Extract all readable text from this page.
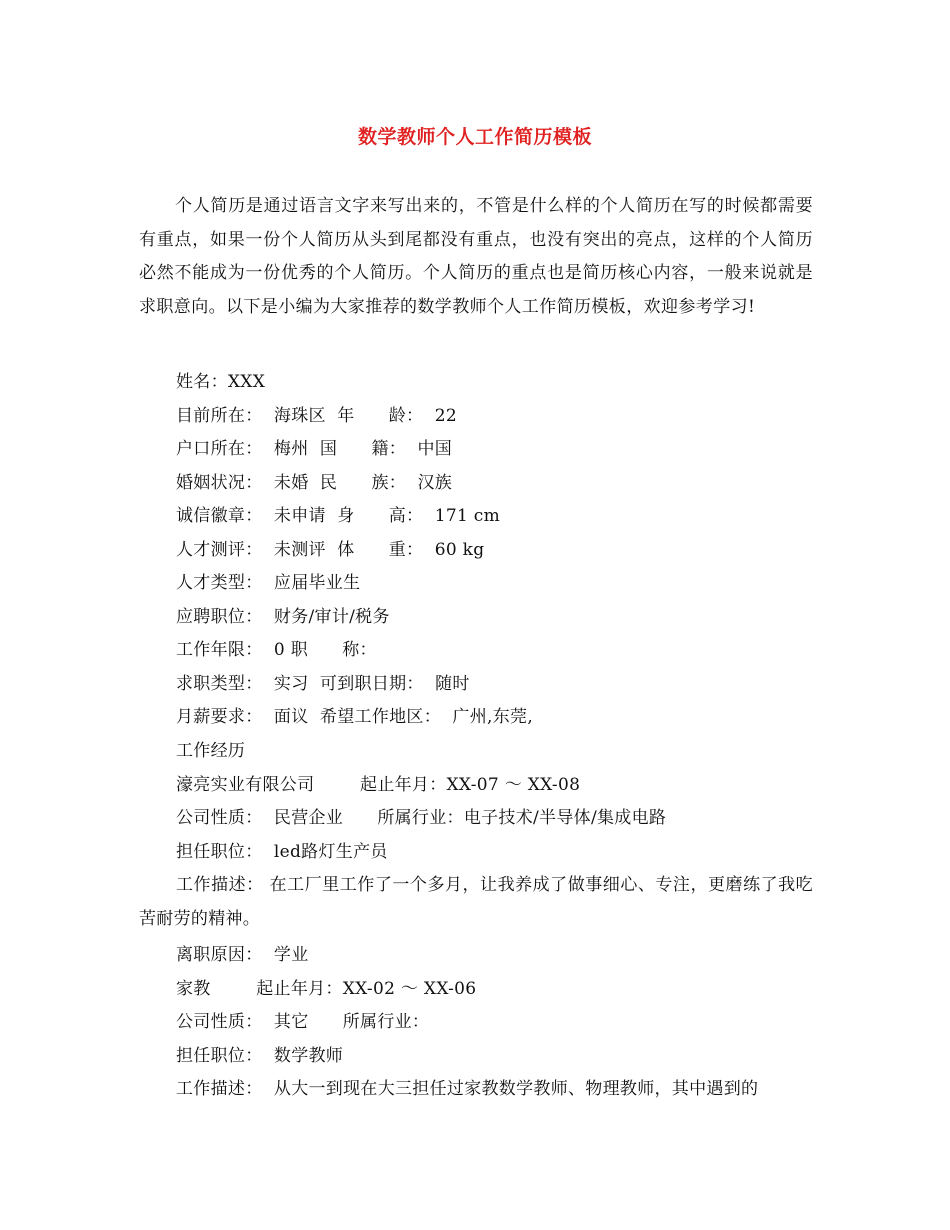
数学教师个人工作简历模板
个人简历是通过语言文字来写出来的，不管是什么样的个人简历在写的时候都需要有重点，如果一份个人简历从头到尾都没有重点，也没有突出的亮点，这样的个人简历必然不能成为一份优秀的个人简历。个人简历的重点也是简历核心内容，一般来说就是求职意向。以下是小编为大家推荐的数学教师个人工作简历模板，欢迎参考学习!
姓名：XXX
目前所在：  海珠区  年      龄：  22
户口所在：  梅州  国      籍：  中国
婚姻状况：  未婚  民      族：  汉族
诚信徽章：  未申请  身      高：  171 cm
人才测评：  未测评  体      重：  60 kg
人才类型：  应届毕业生
应聘职位：  财务/审计/税务
工作年限：  0 职      称：
求职类型：  实习  可到职日期：  随时
月薪要求：  面议  希望工作地区：  广州,东莞,
工作经历
濠亮实业有限公司        起止年月：XX-07 ～ XX-08
公司性质：  民营企业      所属行业：电子技术/半导体/集成电路
担任职位：  led路灯生产员
工作描述： 在工厂里工作了一个多月，让我养成了做事细心、专注，更磨练了我吃苦耐劳的精神。
离职原因：  学业
家教        起止年月：XX-02 ～ XX-06
公司性质：  其它      所属行业：
担任职位：  数学教师
工作描述：  从大一到现在大三担任过家教数学教师、物理教师，其中遇到的
